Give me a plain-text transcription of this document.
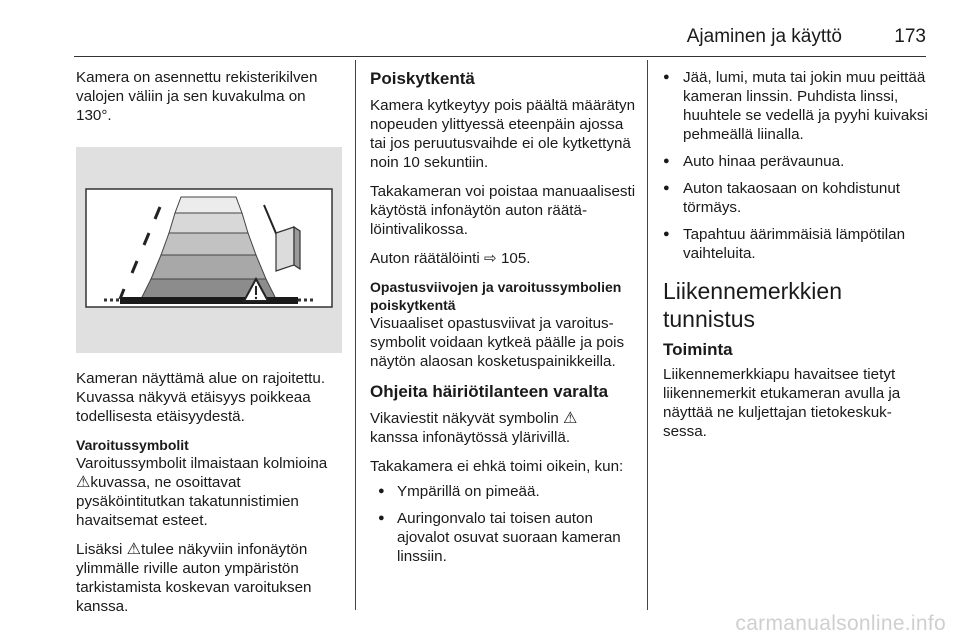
Ajaminen ja käyttö	173

Kamera on asennettu rekisterikilven valojen väliin ja sen kuvakulma on 130°.

Kameran näyttämä alue on rajoitettu. Kuvassa näkyvä etäisyys poikkeaa todellisesta etäisyydestä.

Varoitussymbolit

Varoitussymbolit ilmaistaan kolmioina ⚠kuvassa, ne osoittavat pysäköintitutkan takatunnistimien havaitsemat esteet.

Lisäksi ⚠tulee näkyviin infonäytön ylimmälle riville auton ympäristön tarkistamista koskevan varoituksen kanssa.

Poiskytkentä

Kamera kytkeytyy pois päältä määrätyn nopeuden ylittyessä eteenpäin ajossa tai jos peruutusvaihde ei ole kytkettynä noin 10 sekuntiin.

Takakameran voi poistaa manuaalisesti käytöstä infonäytön auton räätälöintivalikossa.

Auton räätälöinti ⇨ 105.

Opastusviivojen ja varoitussymbolien poiskytkentä

Visuaaliset opastusviivat ja varoitussymbolit voidaan kytkeä päälle ja pois näytön alaosan kosketuspainikkeilla.

Ohjeita häiriötilanteen varalta

Vikaviestit näkyvät symbolin ⚠
kanssa infonäytössä ylärivillä.

Takakamera ei ehkä toimi oikein, kun:

● Ympärillä on pimeää.
● Auringonvalo tai toisen auton ajovalot osuvat suoraan kameran linssiin.
● Jää, lumi, muta tai jokin muu peittää kameran linssin. Puhdista linssi, huuhtele se vedellä ja pyyhi kuivaksi pehmeällä liinalla.
● Auto hinaa perävaunua.
● Auton takaosaan on kohdistunut törmäys.
● Tapahtuu äärimmäisiä lämpötilan vaihteluita.
Liikennemerkkien tunnistus
Toiminta

Liikennemerkkiapu havaitsee tietyt liikennemerkit etukameran avulla ja näyttää ne kuljettajan tietokeskuksessa.

carmanualsonline.info
